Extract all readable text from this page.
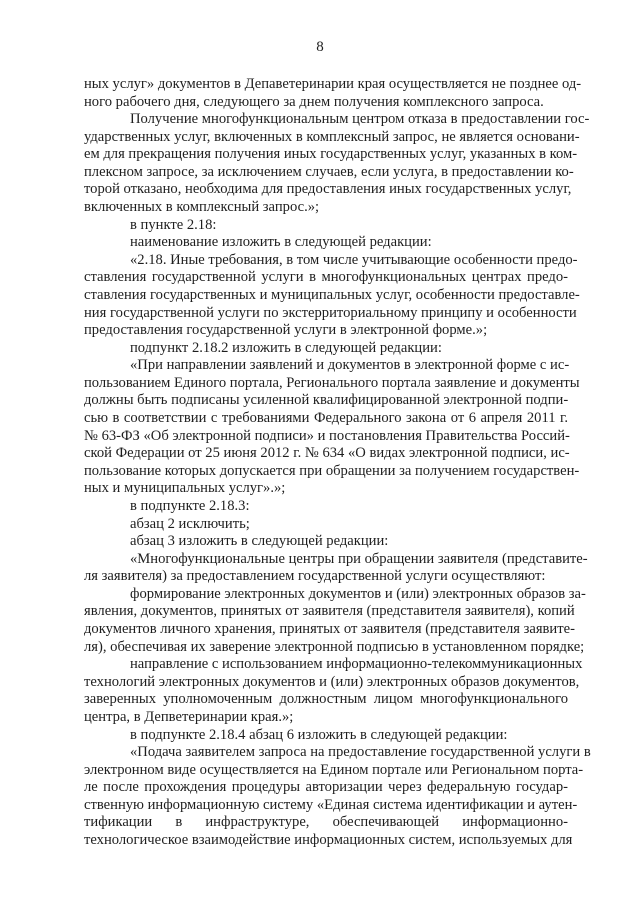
8
ных услуг» документов в Депаветеринарии края осуществляется не позднее од-
ного рабочего дня, следующего за днем получения комплексного запроса.
Получение многофункциональным центром отказа в предоставлении гос-
ударственных услуг, включенных в комплексный запрос, не является основани-
ем для прекращения получения иных государственных услуг, указанных в ком-
плексном запросе, за исключением случаев, если услуга, в предоставлении ко-
торой отказано, необходима для предоставления иных государственных услуг,
включенных в комплексный запрос.»;
в пункте 2.18:
наименование изложить в следующей редакции:
«2.18. Иные требования, в том числе учитывающие особенности предо-
ставления государственной услуги в многофункциональных центрах предо-
ставления государственных и муниципальных услуг, особенности предоставле-
ния государственной услуги по экстерриториальному принципу и особенности
предоставления государственной услуги в электронной форме.»;
подпункт 2.18.2 изложить в следующей редакции:
«При направлении заявлений и документов в электронной форме с ис-
пользованием Единого портала, Регионального портала заявление и документы
должны быть подписаны усиленной квалифицированной электронной подпи-
сью в соответствии с требованиями Федерального закона от 6 апреля 2011 г.
№ 63-ФЗ «Об электронной подписи» и постановления Правительства Россий-
ской Федерации от 25 июня 2012 г. № 634 «О видах электронной подписи, ис-
пользование которых допускается при обращении за получением государствен-
ных и муниципальных услуг».»;
в подпункте 2.18.3:
абзац 2 исключить;
абзац 3 изложить в следующей редакции:
«Многофункциональные центры при обращении заявителя (представите-
ля заявителя) за предоставлением государственной услуги осуществляют:
формирование электронных документов и (или) электронных образов за-
явления, документов, принятых от заявителя (представителя заявителя), копий
документов личного хранения, принятых от заявителя (представителя заявите-
ля), обеспечивая их заверение электронной подписью в установленном порядке;
направление с использованием информационно-телекоммуникационных
технологий электронных документов и (или) электронных образов документов,
заверенных уполномоченным должностным лицом многофункционального
центра, в Депветеринарии края.»;
в подпункте 2.18.4 абзац 6 изложить в следующей редакции:
«Подача заявителем запроса на предоставление государственной услуги в
электронном виде осуществляется на Едином портале или Региональном порта-
ле после прохождения процедуры авторизации через федеральную государ-
ственную информационную систему «Единая система идентификации и аутен-
тификации в инфраструктуре, обеспечивающей информационно-
технологическое взаимодействие информационных систем, используемых для
